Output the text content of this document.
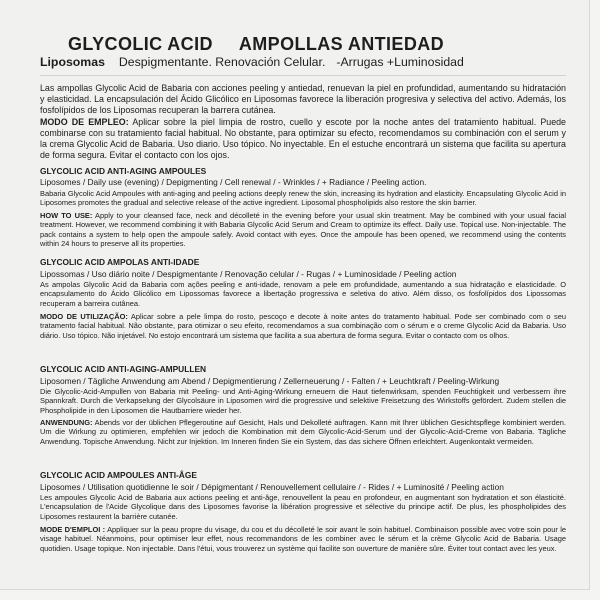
GLYCOLIC ACID AMPOLLAS ANTIEDAD
Liposomas Despigmentante. Renovación Celular. -Arrugas +Luminosidad
Las ampollas Glycolic Acid de Babaria con acciones peeling y antiedad, renuevan la piel en profundidad, aumentando su hidratación y elasticidad. La encapsulación del Ácido Glicólico en Liposomas favorece la liberación progresiva y selectiva del activo. Además, los fosfolípidos de los Liposomas recuperan la barrera cutánea.
MODO DE EMPLEO: Aplicar sobre la piel limpia de rostro, cuello y escote por la noche antes del tratamiento habitual. Puede combinarse con su tratamiento facial habitual. No obstante, para optimizar su efecto, recomendamos su combinación con el serum y la crema Glycolic Acid de Babaria. Uso diario. Uso tópico. No inyectable. En el estuche encontrará un sistema que facilita su apertura de forma segura. Evitar el contacto con los ojos.
GLYCOLIC ACID ANTI-AGING AMPOULES
Liposomes / Daily use (evening) / Depigmenting / Cell renewal / - Wrinkles / + Radiance / Peeling action.
Babaria Glycolic Acid Ampoules with anti-aging and peeling actions deeply renew the skin, increasing its hydration and elasticity. Encapsulating Glycolic Acid in Liposomes promotes the gradual and selective release of the active ingredient. Liposomal phospholipids also restore the skin barrier.
HOW TO USE: Apply to your cleansed face, neck and décolleté in the evening before your usual skin treatment. May be combined with your usual facial treatment. However, we recommend combining it with Babaria Glycolic Acid Serum and Cream to optimize its effect. Daily use. Topical use. Non-injectable. The pack contains a system to help open the ampoule safely. Avoid contact with eyes. Once the ampoule has been opened, we recommend using the contents within 24 hours to preserve all its properties.
GLYCOLIC ACID AMPOLAS ANTI-IDADE
Lipossomas / Uso diário noite / Despigmentante / Renovação celular / - Rugas / + Luminosidade / Peeling action
As ampolas Glycolic Acid da Babaria com ações peeling e anti-idade, renovam a pele em profundidade, aumentando a sua hidratação e elasticidade. O encapsulamento do Ácido Glicólico em Lipossomas favorece a libertação progressiva e seletiva do ativo. Além disso, os fosfolípidos dos Lipossomas recuperam a barreira cutânea.
MODO DE UTILIZAÇÃO: Aplicar sobre a pele limpa do rosto, pescoço e decote à noite antes do tratamento habitual. Pode ser combinado com o seu tratamento facial habitual. Não obstante, para otimizar o seu efeito, recomendamos a sua combinação com o sérum e o creme Glycolic Acid da Babaria. Uso diário. Uso tópico. Não injetável. No estojo encontrará um sistema que facilita a sua abertura de forma segura. Evitar o contacto com os olhos.
GLYCOLIC ACID ANTI-AGING-AMPULLEN
Liposomen / Tägliche Anwendung am Abend / Depigmentierung / Zellerneuerung / - Falten / + Leuchtkraft / Peeling-Wirkung
Die Glycolic-Acid-Ampullen von Babaria mit Peeling- und Anti-Aging-Wirkung erneuern die Haut tiefenwirksam, spenden Feuchtigkeit und verbessern ihre Spannkraft. Durch die Verkapselung der Glycolsäure in Liposomen wird die progressive und selektive Freisetzung des Wirkstoffs gefördert. Zudem stellen die Phospholipide in den Liposomen die Hautbarriere wieder her.
ANWENDUNG: Abends vor der üblichen Pflegeroutine auf Gesicht, Hals und Dekolleté auftragen. Kann mit Ihrer üblichen Gesichtspflege kombiniert werden. Um die Wirkung zu optimieren, empfehlen wir jedoch die Kombination mit dem Glycolic-Acid-Serum und der Glycolic-Acid-Creme von Babaria. Tägliche Anwendung. Topische Anwendung. Nicht zur Injektion. Im Inneren finden Sie ein System, das das sichere Öffnen erleichtert. Augenkontakt vermeiden.
GLYCOLIC ACID AMPOULES ANTI-ÂGE
Liposomes / Utilisation quotidienne le soir / Dépigmentant / Renouvellement cellulaire / - Rides / + Luminosité / Peeling action
Les ampoules Glycolic Acid de Babaria aux actions peeling et anti-âge, renouvellent la peau en profondeur, en augmentant son hydratation et son élasticité. L'encapsulation de l'Acide Glycolique dans des Liposomes favorise la libération progressive et sélective du principe actif. De plus, les phospholipides des Liposomes restaurent la barrière cutanée.
MODE D'EMPLOI : Appliquer sur la peau propre du visage, du cou et du décolleté le soir avant le soin habituel. Combinaison possible avec votre soin pour le visage habituel. Néanmoins, pour optimiser leur effet, nous recommandons de les combiner avec le sérum et la crème Glycolic Acid de Babaria. Usage quotidien. Usage topique. Non injectable. Dans l'étui, vous trouverez un système qui facilite son ouverture de manière sûre. Éviter tout contact avec les yeux.
